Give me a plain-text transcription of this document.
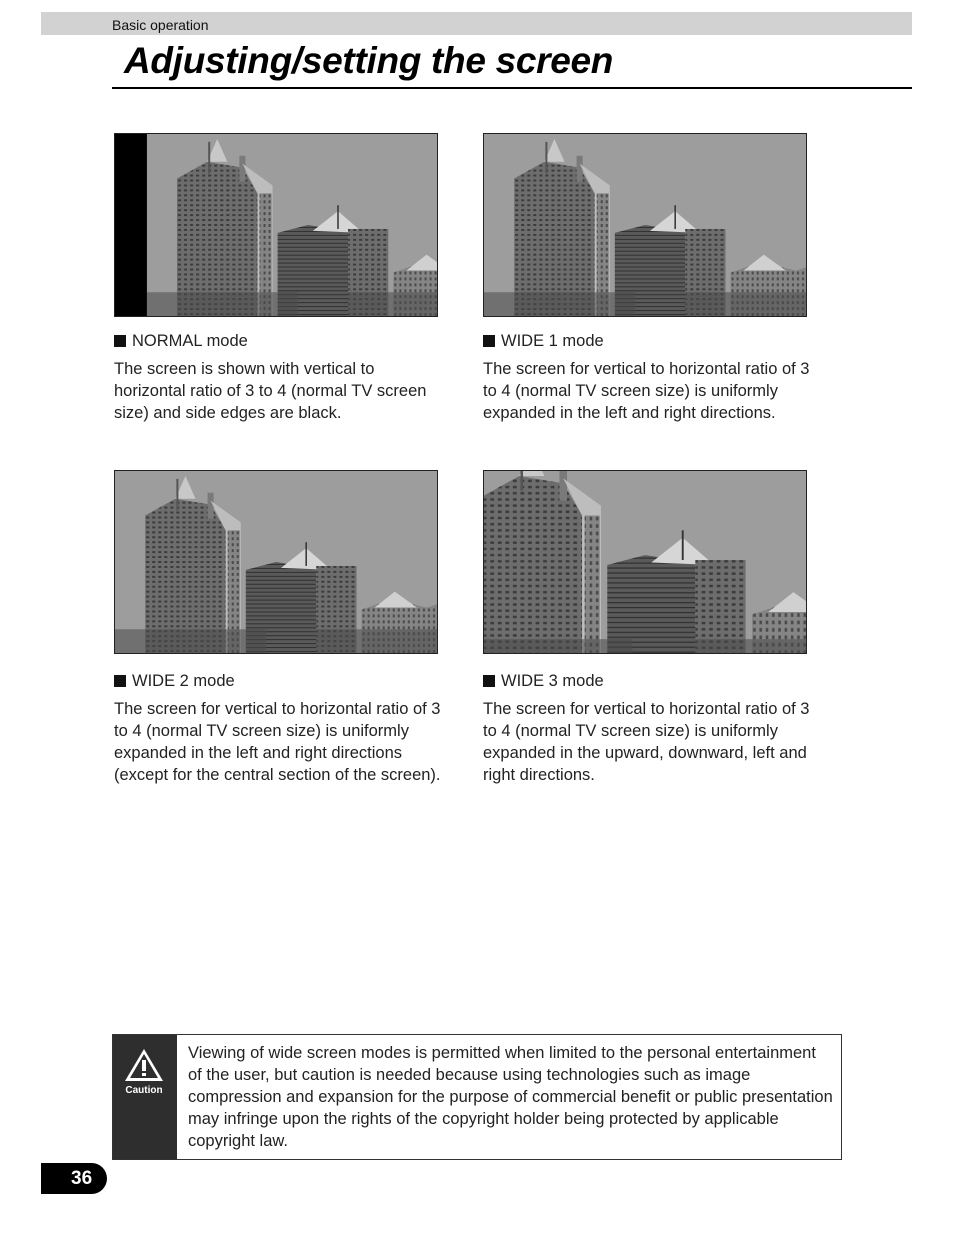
Basic operation
Adjusting/setting the screen
NORMAL mode

The screen is shown with vertical to horizontal ratio of 3 to 4 (normal TV screen size) and side edges are black.

WIDE 1 mode

The screen for vertical to horizontal ratio of 3 to 4 (normal TV screen size) is uniformly expanded in the left and right directions.

WIDE 2 mode

The screen for vertical to horizontal ratio of 3 to 4 (normal TV screen size) is uniformly expanded in the left and right directions (except for the central section of the screen).

WIDE 3 mode

The screen for vertical to horizontal ratio of 3 to 4 (normal TV screen size) is uniformly expanded in the upward, downward, left and right directions.

Caution

Viewing of wide screen modes is permitted when limited to the personal entertainment of the user, but caution is needed because using technologies such as image compression and expansion for the purpose of commercial benefit or public presentation may infringe upon the rights of the copyright holder being protected by applicable copyright law.

36
